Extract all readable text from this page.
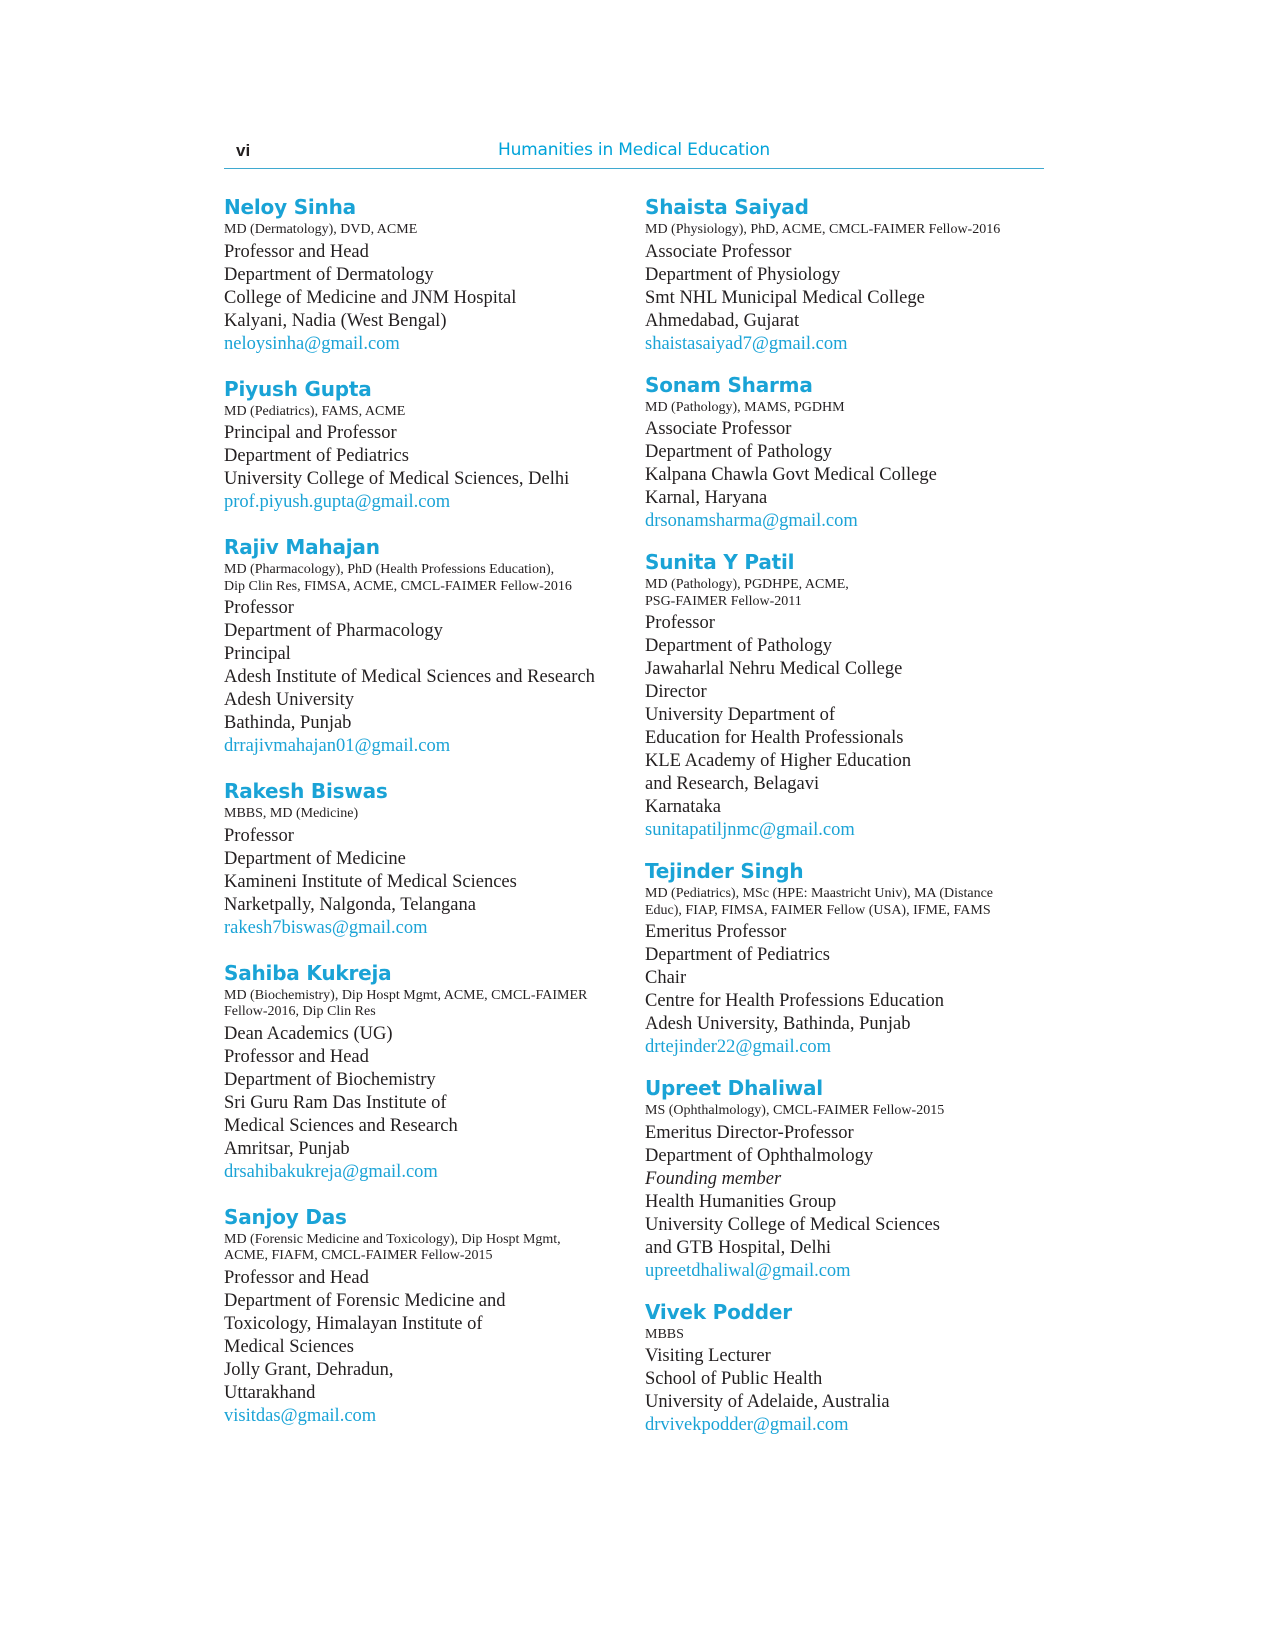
vi	Humanities in Medical Education
Neloy Sinha
MD (Dermatology), DVD, ACME
Professor and Head
Department of Dermatology
College of Medicine and JNM Hospital
Kalyani, Nadia (West Bengal)
neloysinha@gmail.com
Piyush Gupta
MD (Pediatrics), FAMS, ACME
Principal and Professor
Department of Pediatrics
University College of Medical Sciences, Delhi
prof.piyush.gupta@gmail.com
Rajiv Mahajan
MD (Pharmacology), PhD (Health Professions Education),
Dip Clin Res, FIMSA, ACME, CMCL-FAIMER Fellow-2016
Professor
Department of Pharmacology
Principal
Adesh Institute of Medical Sciences and Research
Adesh University
Bathinda, Punjab
drrajivmahajan01@gmail.com
Rakesh Biswas
MBBS, MD (Medicine)
Professor
Department of Medicine
Kamineni Institute of Medical Sciences
Narketpally, Nalgonda, Telangana
rakesh7biswas@gmail.com
Sahiba Kukreja
MD (Biochemistry), Dip Hospt Mgmt, ACME, CMCL-FAIMER
Fellow-2016, Dip Clin Res
Dean Academics (UG)
Professor and Head
Department of Biochemistry
Sri Guru Ram Das Institute of
Medical Sciences and Research
Amritsar, Punjab
drsahibakukreja@gmail.com
Sanjoy Das
MD (Forensic Medicine and Toxicology), Dip Hospt Mgmt,
ACME, FIAFM, CMCL-FAIMER Fellow-2015
Professor and Head
Department of Forensic Medicine and
Toxicology, Himalayan Institute of
Medical Sciences
Jolly Grant, Dehradun,
Uttarakhand
visitdas@gmail.com
Shaista Saiyad
MD (Physiology), PhD, ACME, CMCL-FAIMER Fellow-2016
Associate Professor
Department of Physiology
Smt NHL Municipal Medical College
Ahmedabad, Gujarat
shaistasaiyad7@gmail.com
Sonam Sharma
MD (Pathology), MAMS, PGDHM
Associate Professor
Department of Pathology
Kalpana Chawla Govt Medical College
Karnal, Haryana
drsonamsharma@gmail.com
Sunita Y Patil
MD (Pathology), PGDHPE, ACME,
PSG-FAIMER Fellow-2011
Professor
Department of Pathology
Jawaharlal Nehru Medical College
Director
University Department of
Education for Health Professionals
KLE Academy of Higher Education
and Research, Belagavi
Karnataka
sunitapatiljnmc@gmail.com
Tejinder Singh
MD (Pediatrics), MSc (HPE: Maastricht Univ), MA (Distance
Educ), FIAP, FIMSA, FAIMER Fellow (USA), IFME, FAMS
Emeritus Professor
Department of Pediatrics
Chair
Centre for Health Professions Education
Adesh University, Bathinda, Punjab
drtejinder22@gmail.com
Upreet Dhaliwal
MS (Ophthalmology), CMCL-FAIMER Fellow-2015
Emeritus Director-Professor
Department of Ophthalmology
Founding member
Health Humanities Group
University College of Medical Sciences
and GTB Hospital, Delhi
upreetdhaliwal@gmail.com
Vivek Podder
MBBS
Visiting Lecturer
School of Public Health
University of Adelaide, Australia
drvivekpodder@gmail.com
